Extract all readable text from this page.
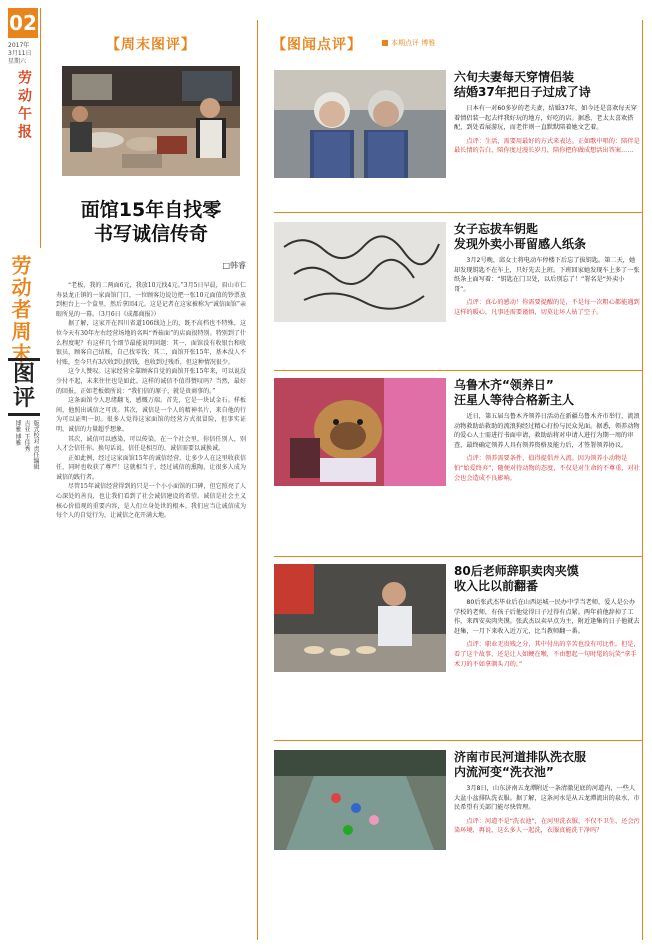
02
2017年
3月11日
星期六
劳动午报
劳动者周末
图
评
版式校对 责任编辑
吉亚 王佳秀
博雅 博雅
【周末图评】
面馆15年自找零
书写诚信传奇
□韩睿

“老板，我的二两面6元，我放10元找4元。”3月5日早晨，眉山市仁寿县龙正镇的一家面馆门口，一位顾客边说边把一张10元面值的钞票放到柜台上一个盒里，然后拿回4元。这是记者在这家被称为“诚信面馆”亲眼所见的一幕。（3月6日《成都商报》）

据了解，这家开在四川省道106线边上的，既不高档也不特殊，这位今天有30年左右经营场地的名叫“香菇面”的店面很特别。特别到了什么程度呢？有这样几个细节最能说明问题：其一，面馆没有收银台和收银员，顾客自己结账，自己找零钱；其二，面馆开张15年，基本没人不付账，至今只有3次收到过假钱，也收到过残币，但这种情况很少。

这令人赞叹。这家经营全靠顾客自觉的面馆开张15年来，可以说没少付不起，未来往往也是如此。这样的诚信不值得赞叹吗？当然，最好的回报，正如老板娘所说：“我们信的原子，就是贵商事的。”

这条面馆令人思绪翻飞，感慨万端。首先，它是一块试金石。样板间，他照出诚信之可贵。其次，诚信是一个人的精神名片，来自他的行为可以证明一切。很多人觉得这家面馆的经营方式很冒险，但事实证明，诚信的力量超乎想象。

其次，诚信可以感染，可以传染。在一个社会里，你信任别人，别人才会信任你。换句话说，信任是相互的，诚信需要以诚换诚。

正如此例，经过这家面馆15年的诚信经营，让多少人在这里收获信任，同时也收获了尊严！这就相当于，经过诚信的熏陶，让很多人成为诚信的践行者。

尽管15年诚信经营得到的只是一个小小面馆的口碑，但它照亮了人心深处的善良，也让我们看到了社会诚信建设的希望。诚信是社会主义核心价值观的重要内容，是人们立身处世的根本。我们应当让诚信成为每个人的自觉行为，让诚信之花开满大地。

【图闻点评】	本期点评 博雅
六旬夫妻每天穿情侣装
结婚37年把日子过成了诗
日本有一对60多岁的老夫妻，结婚37年，如今还是喜欢每天穿着情侣装一起去拌我好玩的地方，好吃的店。据悉，老太太喜欢搭配，到处看展游玩，而老伴则一直默默陪着她文艺着。
点评：生活，需要用最好的方式来表达。正如歌中唱的：陪伴是最长情的告白，陪你度过漫长岁月，陪你把你做成想活出答案……
女子忘拔车钥匙
发现外卖小哥留感人纸条
3月2号晚，邱女士将电动车停楼下后忘了拔钥匙。第二天，她却发现钥匙不在车上，只好先去上班。下班回家她发现车上多了一张纸条上面写着：“钥匙在门卫处，以后别忘了！”署名是“外卖小哥”。
点评：真心的感动！你需要提醒的是，不是每一次粗心都能遇到这样的暖心，凡事还需要谨慎，切莫让坏人钻了空子。
乌鲁木齐“领养日”
汪星人等待合格新主人
近日，第五届乌鲁木齐领养日活动在新疆乌鲁木齐市举行，流浪动物救助站救助的流浪狗经过精心打扮与民众见面。据悉，领养动物的爱心人士需进行书面申请，救助站将对申请人进行为期一周的审查，最终确定领养人具有领养资格及能力后，才签署领养协议。
点评：领养需要条件，值得提倡并入流。因为领养小动物是怕“始爱终弃”，随便对待动物的态度，不仅是对生命的不尊重，对社会也会造成不良影响。
80后老师辞职卖肉夹馍
收入比以前翻番
80后张武杰毕业后在山西运城一民办中学当老师，爱人是公办学校的老师，有孩子后他觉得日子过得有点紧。两年前他辞掉了工作，来西安卖肉夹馍。张武杰以卖早点为主，附近逢集的日子他就去赶集，一月下来收入近万元，比当教师翻一番。
点评：职业无贵贱之分，其中付出的辛苦也没有可比性。但是，看了这个故事，还是让人如鲠在喉，不由想起一句时髦的玩笑“拿手术刀的不如拿剃头刀的。”
济南市民河道排队洗衣服
内流河变“洗衣池”
3月8日，山东济南五龙潭附近一条清澈见底的河道内，一些人大盆小盆排队洗衣服。据了解，这条河水是从五龙潭流出的泉水，市民希望有关部门能尽快管理。
点评：河道不是“洗衣池”，在河里洗衣服，不仅不卫生，还会污染环境，再说，这么多人一起洗，衣服真能洗干净吗？
